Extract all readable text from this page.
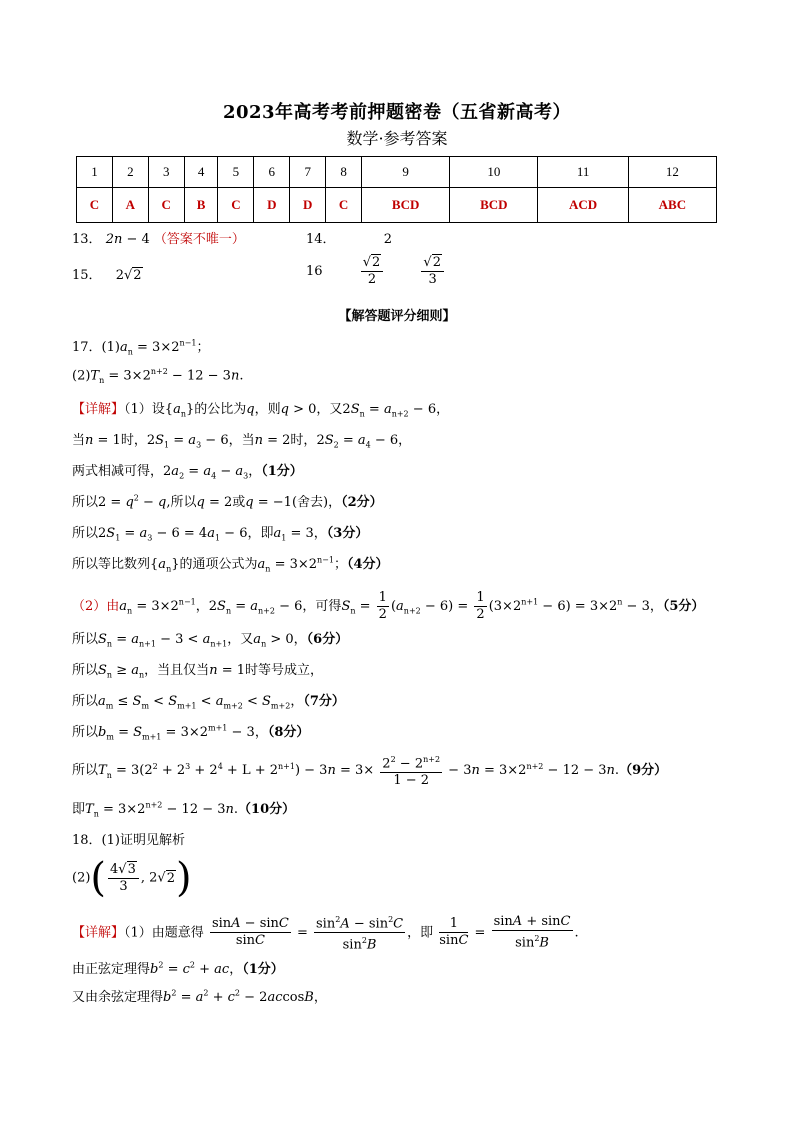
2023年高考考前押题密卷（五省新高考）
数学·参考答案
1	2	3	4	5	6	7	8	9	10	11	12
C	A	C	B	C	D	D	C	BCD	BCD	ACD	ABC
13． 2n − 4 （答案不唯一）	14．	2
15． 2√2	16	$\frac{√2}{2}$
	$\frac{√2}{3}$
【解答题评分细则】
17．$(1)a_n = 3\times 2^{n-1}$；
$(2)T_n = 3\times 2^{n+2} - 12 - 3n$.
【详解】（1）设$\{a_n\}$的公比为q，则q > 0，又$2S_n = a_{n+2} - 6$，
当n = 1时，$2S_1 = a_3 - 6$，当n = 2时，$2S_2 = a_4 - 6$，
两式相减可得，$2a_2 = a_4 - a_3$，（1分）
所以$2 = q^2 - q$,所以q = 2或q = −1(舍去)，（2分）
所以$2S_1 = a_3 - 6 = 4a_1 - 6$，即$a_1 = 3$，（3分）
所以等比数列$\{a_n\}$的通项公式为$a_n = 3\times 2^{n-1}$；（4分）
（2）由$a_n = 3\times 2^{n-1}$，$2S_n = a_{n+2} - 6$，可得$S_n = \frac{1}{2} (a_{n+2} - 6) = \frac{1}{2} (3\times 2^{n+1} - 6) = 3\times 2^n - 3$，（5分）
所以$S_n = a_{n+1} - 3 < a_{n+1}$，又$a_n > 0$，（6分）
所以$S_n \ge a_n$，当且仅当n = 1时等号成立，
所以$a_m \le S_m < S_{m+1} < a_{m+2} < S_{m+2}$，（7分）
所以$b_m = S_{m+1} = 3\times 2^{m+1} - 3$，（8分）
所以$T_n = 3(2^2 + 2^3 + 2^4 + L + 2^{n+1}) - 3n = 3\times \frac{2^2 - 2^{n+2}}{1 - 2} - 3n = 3\times 2^{n+2} - 12 - 3n.(9$分）
即$T_n = 3\times 2^{n+2} - 12 - 3n.(10$分）
18．(1)证明见解析
$(2)( \frac{4√3}{3}$ , 2√2)
【详解】（1）由题意得 $\frac{\sin A - \sin C}{\sin C} = \frac{\sin^2A - \sin^2C}{\sin^2B}$ ，即 $\frac{1}{\sin C} = \frac{\sin A + \sin C}{\sin^2B}$ .
由正弦定理得$b^2 = c^2$ + ac，（1分）
又由余弦定理得$b^2 = a^2 + c^2 - 2accosB$，
